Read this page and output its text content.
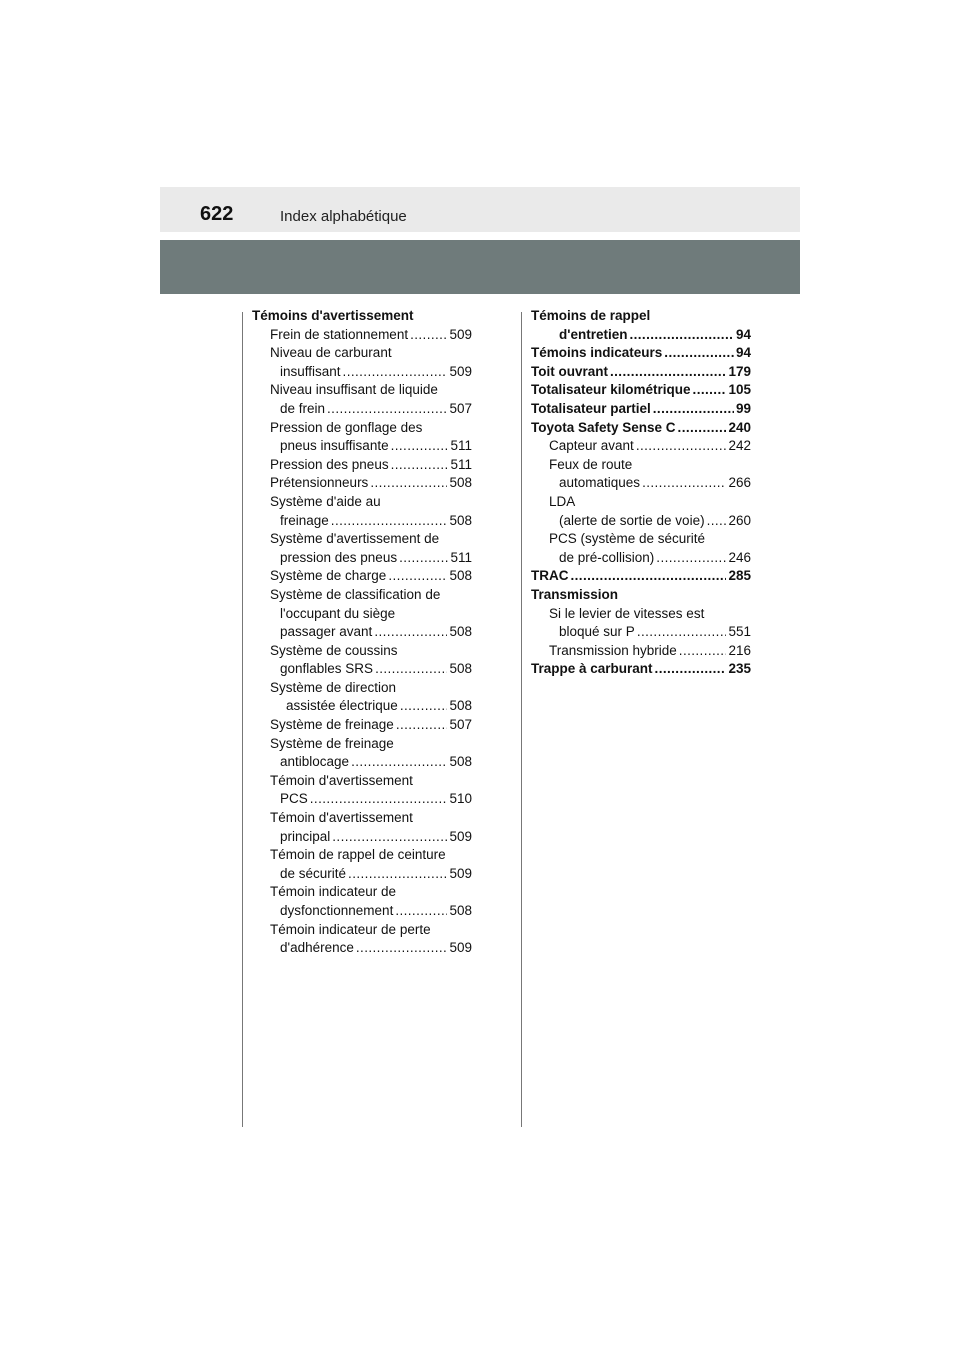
622	Index alphabétique
Témoins d'avertissement
Frein de stationnement .....	509
Niveau de carburant
insuffisant .....	509
Niveau insuffisant de liquide
de frein .....	507
Pression de gonflage des
pneus insuffisante .....	511
Pression des pneus .....	511
Prétensionneurs .....	508
Système d'aide au
freinage .....	508
Système d'avertissement de
pression des pneus .....	511
Système de charge .....	508
Système de classification de
l'occupant du siège
passager avant .....	508
Système de coussins
gonflables SRS .....	508
Système de direction
assistée électrique .....	508
Système de freinage .....	507
Système de freinage
antiblocage .....	508
Témoin d'avertissement
PCS .....	510
Témoin d'avertissement
principal .....	509
Témoin de rappel de ceinture
de sécurité .....	509
Témoin indicateur de
dysfonctionnement .....	508
Témoin indicateur de perte
d'adhérence .....	509
Témoins de rappel
d'entretien .....	94
Témoins indicateurs .....	94
Toit ouvrant .....	179
Totalisateur kilométrique .....	105
Totalisateur partiel .....	99
Toyota Safety Sense C .....	240
Capteur avant .....	242
Feux de route
automatiques .....	266
LDA
(alerte de sortie de voie) ..... 260
PCS (système de sécurité
de pré-collision) .....	246
TRAC .....	285
Transmission
Si le levier de vitesses est
bloqué sur P .....	551
Transmission hybride .....	216
Trappe à carburant .....	235
